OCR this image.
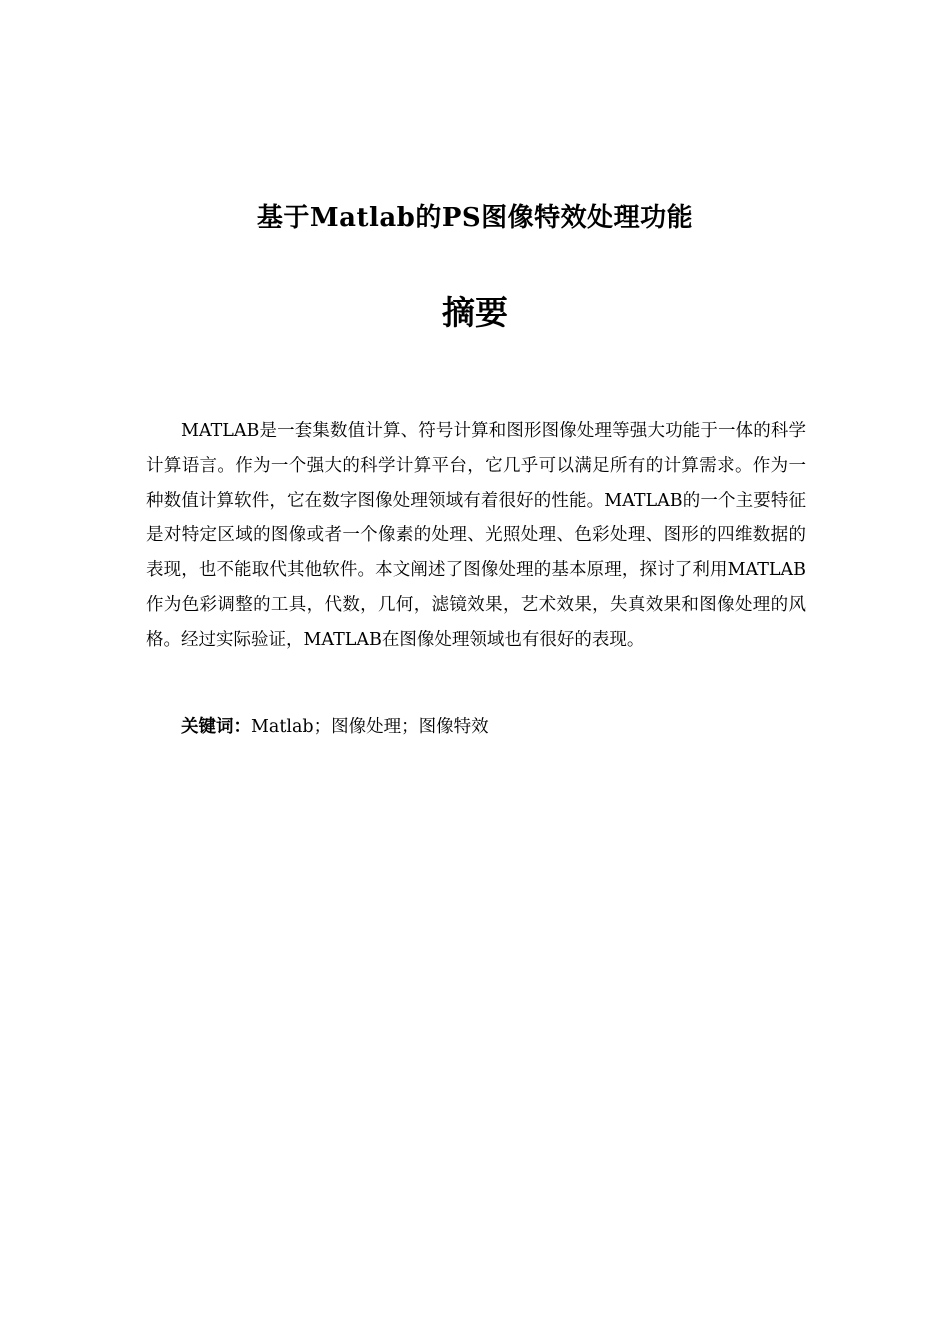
基于Matlab的PS图像特效处理功能
摘要

MATLAB是一套集数值计算、符号计算和图形图像处理等强大功能于一体的科学计算语言。作为一个强大的科学计算平台，它几乎可以满足所有的计算需求。作为一种数值计算软件，它在数字图像处理领域有着很好的性能。MATLAB的一个主要特征是对特定区域的图像或者一个像素的处理、光照处理、色彩处理、图形的四维数据的表现，也不能取代其他软件。本文阐述了图像处理的基本原理，探讨了利用MATLAB作为色彩调整的工具，代数，几何，滤镜效果，艺术效果，失真效果和图像处理的风格。经过实际验证，MATLAB在图像处理领域也有很好的表现。

关键词：Matlab；图像处理；图像特效
